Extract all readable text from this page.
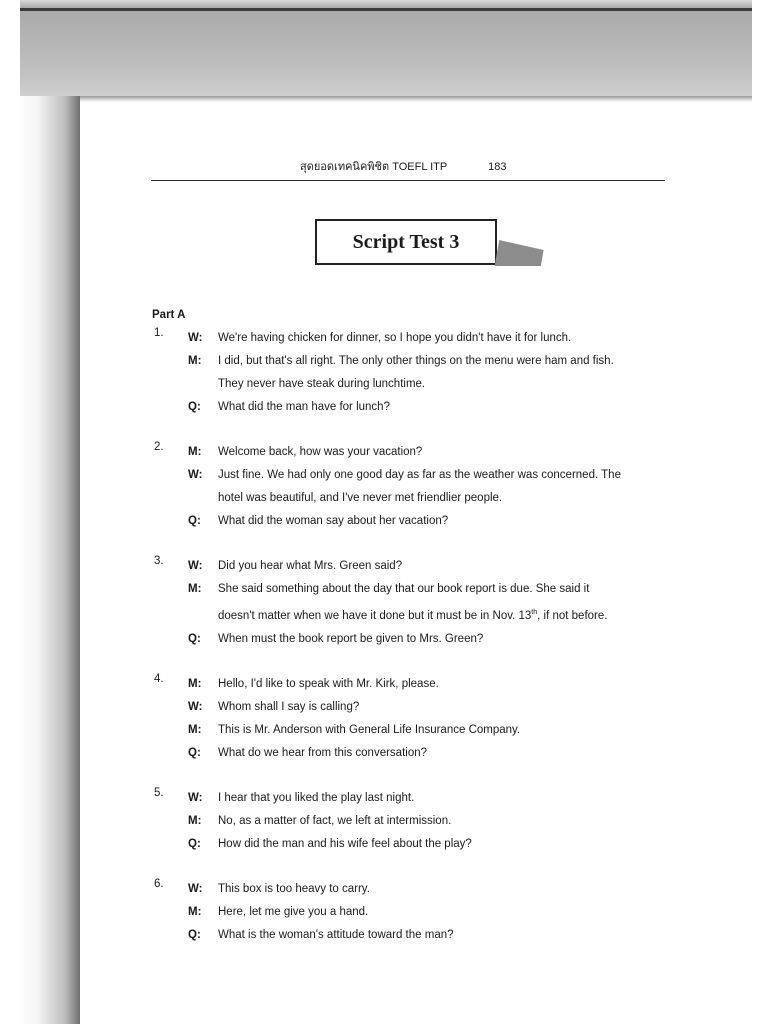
สุดยอดเทคนิคพิชิต TOEFL ITP	183
Script Test 3
Part A
1.	W: We're having chicken for dinner, so I hope you didn't have it for lunch.
M: I did, but that's all right. The only other things on the menu were ham and fish.
They never have steak during lunchtime.
Q: What did the man have for lunch?
2.	M: Welcome back, how was your vacation?
W: Just fine. We had only one good day as far as the weather was concerned. The
hotel was beautiful, and I've never met friendlier people.
Q: What did the woman say about her vacation?
3.	W: Did you hear what Mrs. Green said?
M: She said something about the day that our book report is due. She said it
doesn't matter when we have it done but it must be in Nov. 13th, if not before.
Q: When must the book report be given to Mrs. Green?
4.	M: Hello, I'd like to speak with Mr. Kirk, please.
W: Whom shall I say is calling?
M: This is Mr. Anderson with General Life Insurance Company.
Q: What do we hear from this conversation?
5.	W: I hear that you liked the play last night.
M: No, as a matter of fact, we left at intermission.
Q: How did the man and his wife feel about the play?
6.	W: This box is too heavy to carry.
M: Here, let me give you a hand.
Q: What is the woman's attitude toward the man?
